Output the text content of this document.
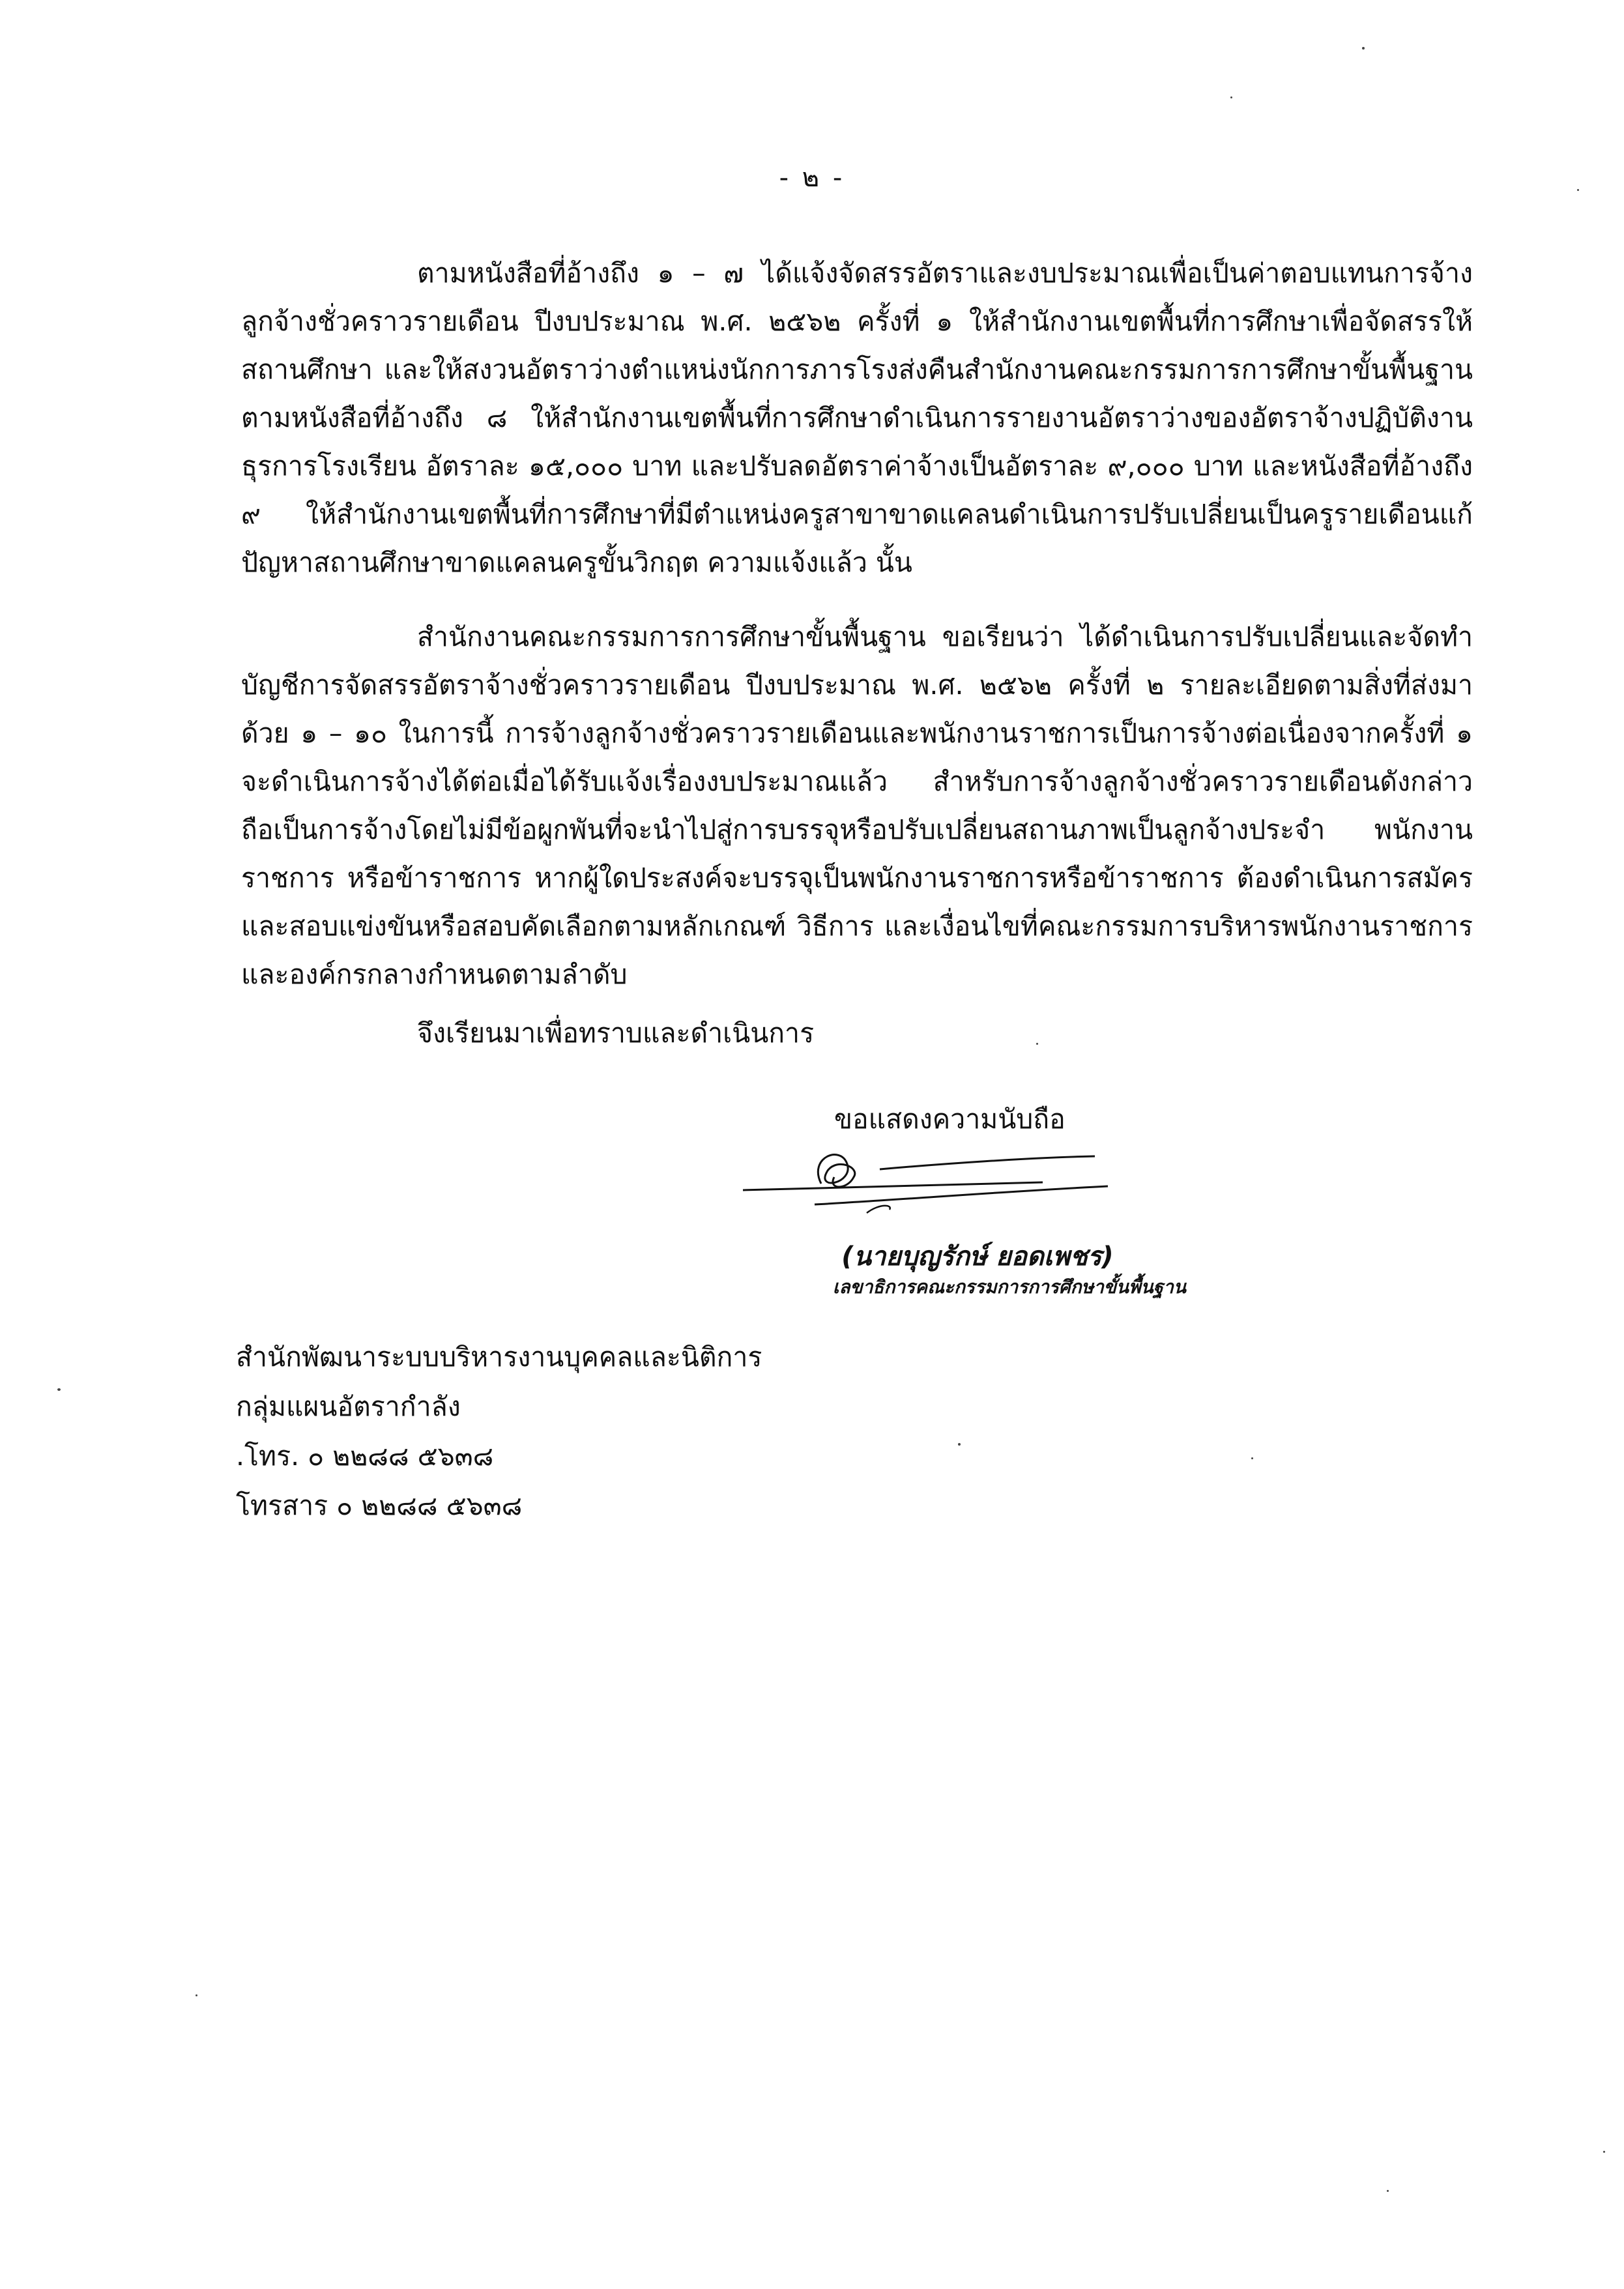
- ๒ -

ตามหนังสือที่อ้างถึง ๑ – ๗ ได้แจ้งจัดสรรอัตราและงบประมาณเพื่อเป็นค่าตอบแทนการจ้างลูกจ้างชั่วคราวรายเดือน ปีงบประมาณ พ.ศ. ๒๕๖๒ ครั้งที่ ๑ ให้สำนักงานเขตพื้นที่การศึกษาเพื่อจัดสรรให้สถานศึกษา และให้สงวนอัตราว่างตำแหน่งนักการภารโรงส่งคืนสำนักงานคณะกรรมการการศึกษาขั้นพื้นฐาน ตามหนังสือที่อ้างถึง ๘ ให้สำนักงานเขตพื้นที่การศึกษาดำเนินการรายงานอัตราว่างของอัตราจ้างปฏิบัติงานธุรการโรงเรียน อัตราละ ๑๕,๐๐๐ บาท และปรับลดอัตราค่าจ้างเป็นอัตราละ ๙,๐๐๐ บาท และหนังสือที่อ้างถึง ๙ ให้สำนักงานเขตพื้นที่การศึกษาที่มีตำแหน่งครูสาขาขาดแคลนดำเนินการปรับเปลี่ยนเป็นครูรายเดือนแก้ปัญหาสถานศึกษาขาดแคลนครูขั้นวิกฤต ความแจ้งแล้ว นั้น

สำนักงานคณะกรรมการการศึกษาขั้นพื้นฐาน ขอเรียนว่า ได้ดำเนินการปรับเปลี่ยนและจัดทำบัญชีการจัดสรรอัตราจ้างชั่วคราวรายเดือน ปีงบประมาณ พ.ศ. ๒๕๖๒ ครั้งที่ ๒ รายละเอียดตามสิ่งที่ส่งมาด้วย ๑ – ๑๐ ในการนี้ การจ้างลูกจ้างชั่วคราวรายเดือนและพนักงานราชการเป็นการจ้างต่อเนื่องจากครั้งที่ ๑ จะดำเนินการจ้างได้ต่อเมื่อได้รับแจ้งเรื่องงบประมาณแล้ว สำหรับการจ้างลูกจ้างชั่วคราวรายเดือนดังกล่าว ถือเป็นการจ้างโดยไม่มีข้อผูกพันที่จะนำไปสู่การบรรจุหรือปรับเปลี่ยนสถานภาพเป็นลูกจ้างประจำ พนักงานราชการ หรือข้าราชการ หากผู้ใดประสงค์จะบรรจุเป็นพนักงานราชการหรือข้าราชการ ต้องดำเนินการสมัครและสอบแข่งขันหรือสอบคัดเลือกตามหลักเกณฑ์ วิธีการ และเงื่อนไขที่คณะกรรมการบริหารพนักงานราชการและองค์กรกลางกำหนดตามลำดับ

จึงเรียนมาเพื่อทราบและดำเนินการ

ขอแสดงความนับถือ
(นายบุญรักษ์ ยอดเพชร)
เลขาธิการคณะกรรมการการศึกษาขั้นพื้นฐาน

สำนักพัฒนาระบบบริหารงานบุคคลและนิติการ

กลุ่มแผนอัตรากำลัง

.โทร. ๐ ๒๒๘๘ ๕๖๓๘

โทรสาร ๐ ๒๒๘๘ ๕๖๓๘
